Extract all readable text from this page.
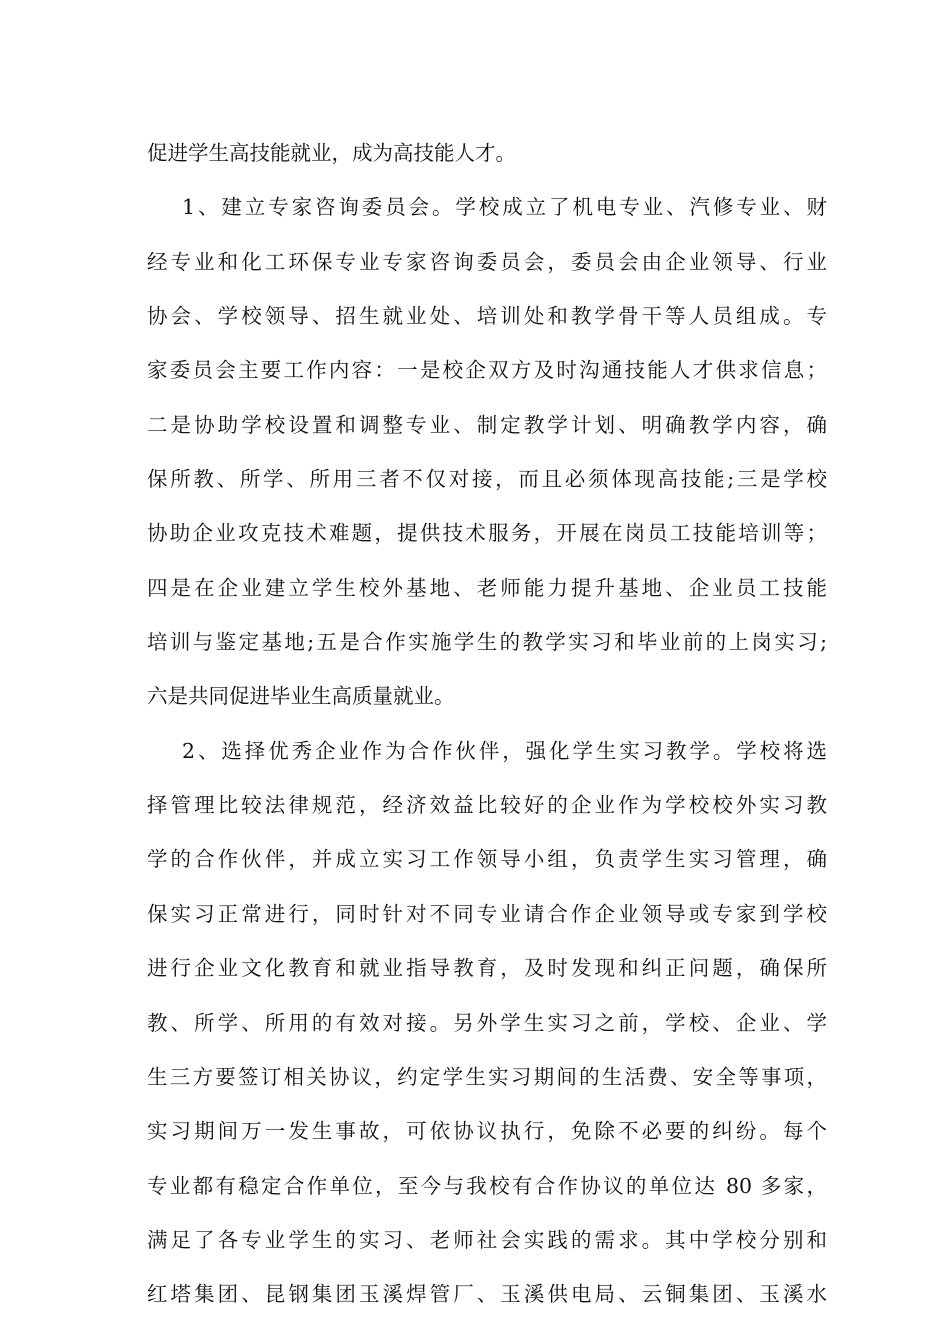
促进学生高技能就业，成为高技能人才。
1、建立专家咨询委员会。学校成立了机电专业、汽修专业、财
经专业和化工环保专业专家咨询委员会，委员会由企业领导、行业
协会、学校领导、招生就业处、培训处和教学骨干等人员组成。专
家委员会主要工作内容：一是校企双方及时沟通技能人才供求信息；
二是协助学校设置和调整专业、制定教学计划、明确教学内容，确
保所教、所学、所用三者不仅对接，而且必须体现高技能;三是学校
协助企业攻克技术难题，提供技术服务，开展在岗员工技能培训等；
四是在企业建立学生校外基地、老师能力提升基地、企业员工技能
培训与鉴定基地;五是合作实施学生的教学实习和毕业前的上岗实习;
六是共同促进毕业生高质量就业。
2、选择优秀企业作为合作伙伴，强化学生实习教学。学校将选
择管理比较法律规范，经济效益比较好的企业作为学校校外实习教
学的合作伙伴，并成立实习工作领导小组，负责学生实习管理，确
保实习正常进行，同时针对不同专业请合作企业领导或专家到学校
进行企业文化教育和就业指导教育，及时发现和纠正问题，确保所
教、所学、所用的有效对接。另外学生实习之前，学校、企业、学
生三方要签订相关协议，约定学生实习期间的生活费、安全等事项，
实习期间万一发生事故，可依协议执行，免除不必要的纠纷。每个
专业都有稳定合作单位，至今与我校有合作协议的单位达 80 多家，
满足了各专业学生的实习、老师社会实践的需求。其中学校分别和
红塔集团、昆钢集团玉溪焊管厂、玉溪供电局、云铜集团、玉溪水
